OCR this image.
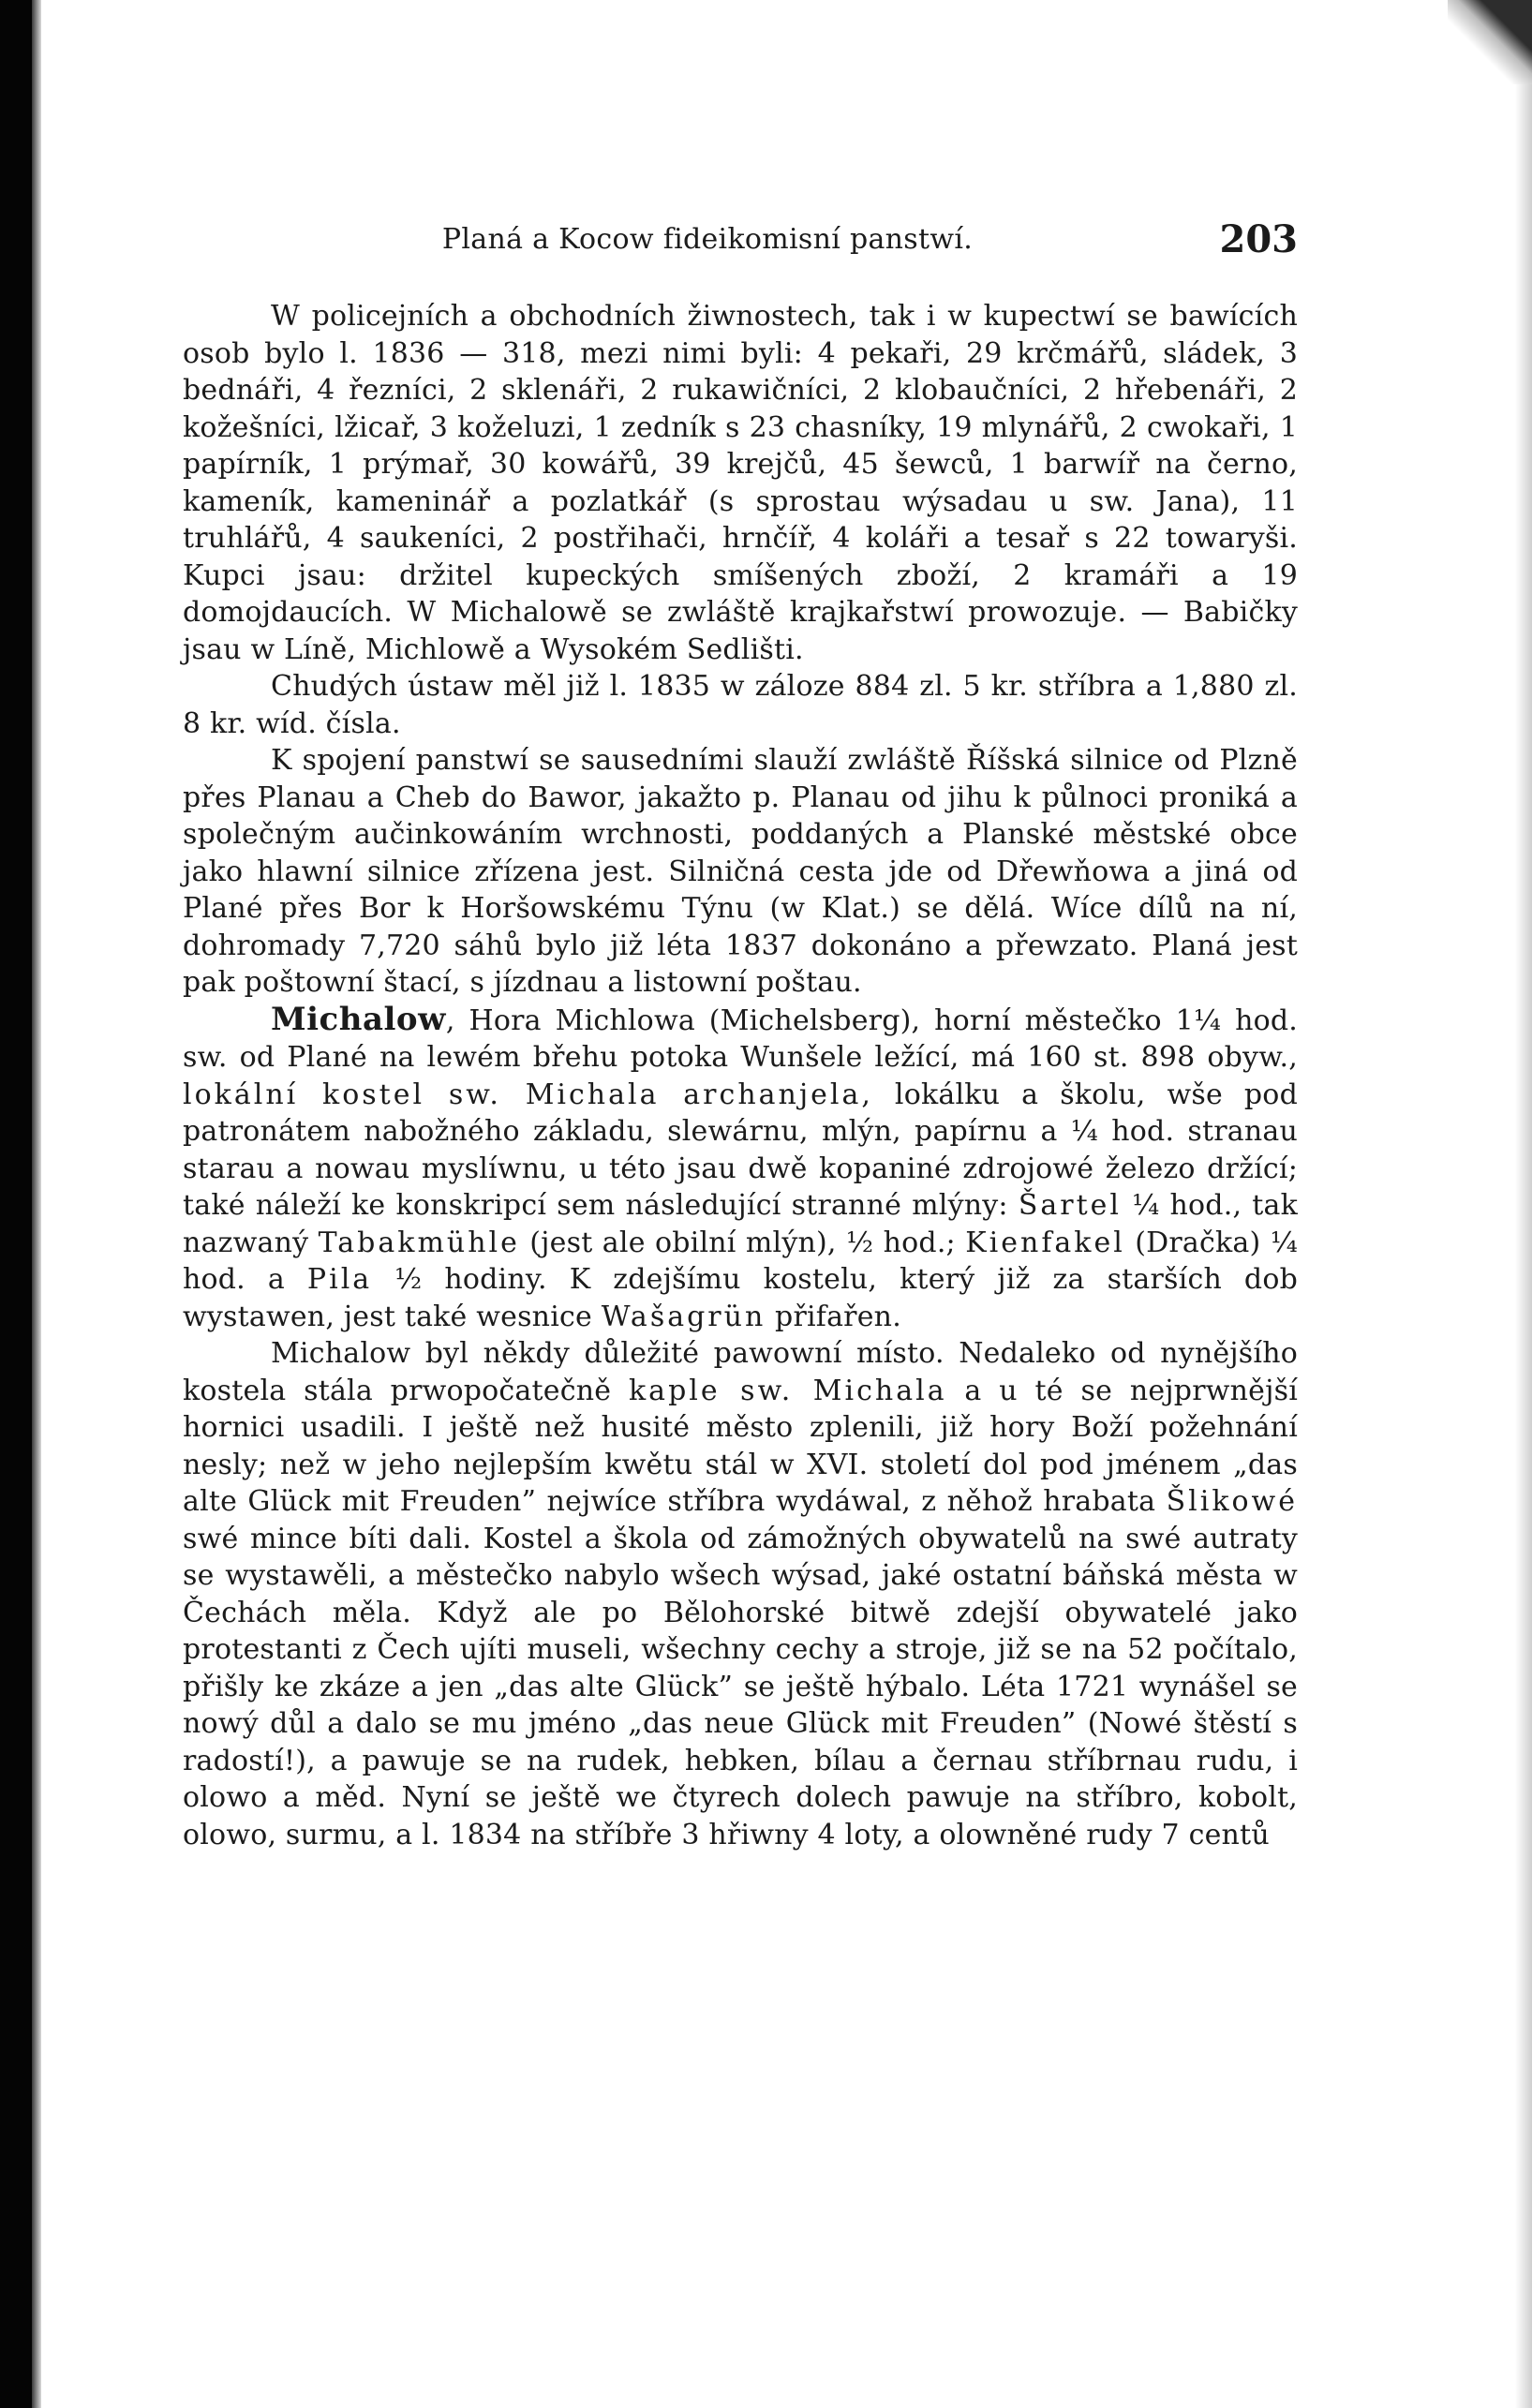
Planá a Kocow fideikomisní panstwí.	203

W policejních a obchodních žiwnostech, tak i w kupectwí se bawících osob bylo l. 1836 — 318, mezi nimi byli: 4 pekaři, 29 krčmářů, sládek, 3 bednáři, 4 řezníci, 2 sklenáři, 2 rukawičníci, 2 klobaučníci, 2 hřebenáři, 2 kožešníci, lžicař, 3 koželuzi, 1 zedník s 23 chasníky, 19 mlynářů, 2 cwokaři, 1 papírník, 1 prýmař, 30 kowářů, 39 krejčů, 45 šewců, 1 barwíř na černo, kameník, kameninář a pozlatkář (s sprostau wýsadau u sw. Jana), 11 truhlářů, 4 saukeníci, 2 postřihači, hrnčíř, 4 koláři a tesař s 22 towaryši. Kupci jsau: držitel kupeckých smíšených zboží, 2 kramáři a 19 domojdaucích. W Michalowě se zwláště krajkařstwí prowozuje. — Babičky jsau w Líně, Michlowě a Wysokém Sedlišti.

Chudých ústaw měl již l. 1835 w záloze 884 zl. 5 kr. stříbra a 1,880 zl. 8 kr. wíd. čísla.

K spojení panstwí se sausedními slauží zwláště Říšská silnice od Plzně přes Planau a Cheb do Bawor, jakažto p. Planau od jihu k půlnoci proniká a společným aučinkowáním wrchnosti, poddaných a Planské městské obce jako hlawní silnice zřízena jest. Silničná cesta jde od Dřewňowa a jiná od Plané přes Bor k Horšowskému Týnu (w Klat.) se dělá. Wíce dílů na ní, dohromady 7,720 sáhů bylo již léta 1837 dokonáno a přewzato. Planá jest pak poštowní štací, s jízdnau a listowní poštau.

Michalow, Hora Michlowa (Michelsberg), horní městečko 1¼ hod. sw. od Plané na lewém břehu potoka Wunšele ležící, má 160 st. 898 obyw., lokální kostel sw. Michala archanjela, lokálku a školu, wše pod patronátem nabožného základu, slewárnu, mlýn, papírnu a ¼ hod. stranau starau a nowau myslíwnu, u této jsau dwě kopaniné zdrojowé železo držící; také náleží ke konskripcí sem následující stranné mlýny: Šartel ¼ hod., tak nazwaný Tabakmühle (jest ale obilní mlýn), ½ hod.; Kienfakel (Dračka) ¼ hod. a Pila ½ hodiny. K zdejšímu kostelu, který již za starších dob wystawen, jest také wesnice Wašagrün přifařen.

Michalow byl někdy důležité pawowní místo. Nedaleko od nynějšího kostela stála prwopočatečně kaple sw. Michala a u té se nejprwnější hornici usadili. I ještě než husité město zplenili, již hory Boží požehnání nesly; než w jeho nejlepším kwětu stál w XVI. století dol pod jménem „das alte Glück mit Freuden” nejwíce stříbra wydáwal, z něhož hrabata Šlikowé swé mince bíti dali. Kostel a škola od zámožných obywatelů na swé autraty se wystawěli, a městečko nabylo wšech wýsad, jaké ostatní báňská města w Čechách měla. Když ale po Bělohorské bitwě zdejší obywatelé jako protestanti z Čech ujíti museli, wšechny cechy a stroje, již se na 52 počítalo, přišly ke zkáze a jen „das alte Glück” se ještě hýbalo. Léta 1721 wynášel se nowý důl a dalo se mu jméno „das neue Glück mit Freuden” (Nowé štěstí s radostí!), a pawuje se na rudek, hebken, bílau a černau stříbrnau rudu, i olowo a měd. Nyní se ještě we čtyrech dolech pawuje na stříbro, kobolt, olowo, surmu, a l. 1834 na stříbře 3 hřiwny 4 loty, a olowněné rudy 7 centů
